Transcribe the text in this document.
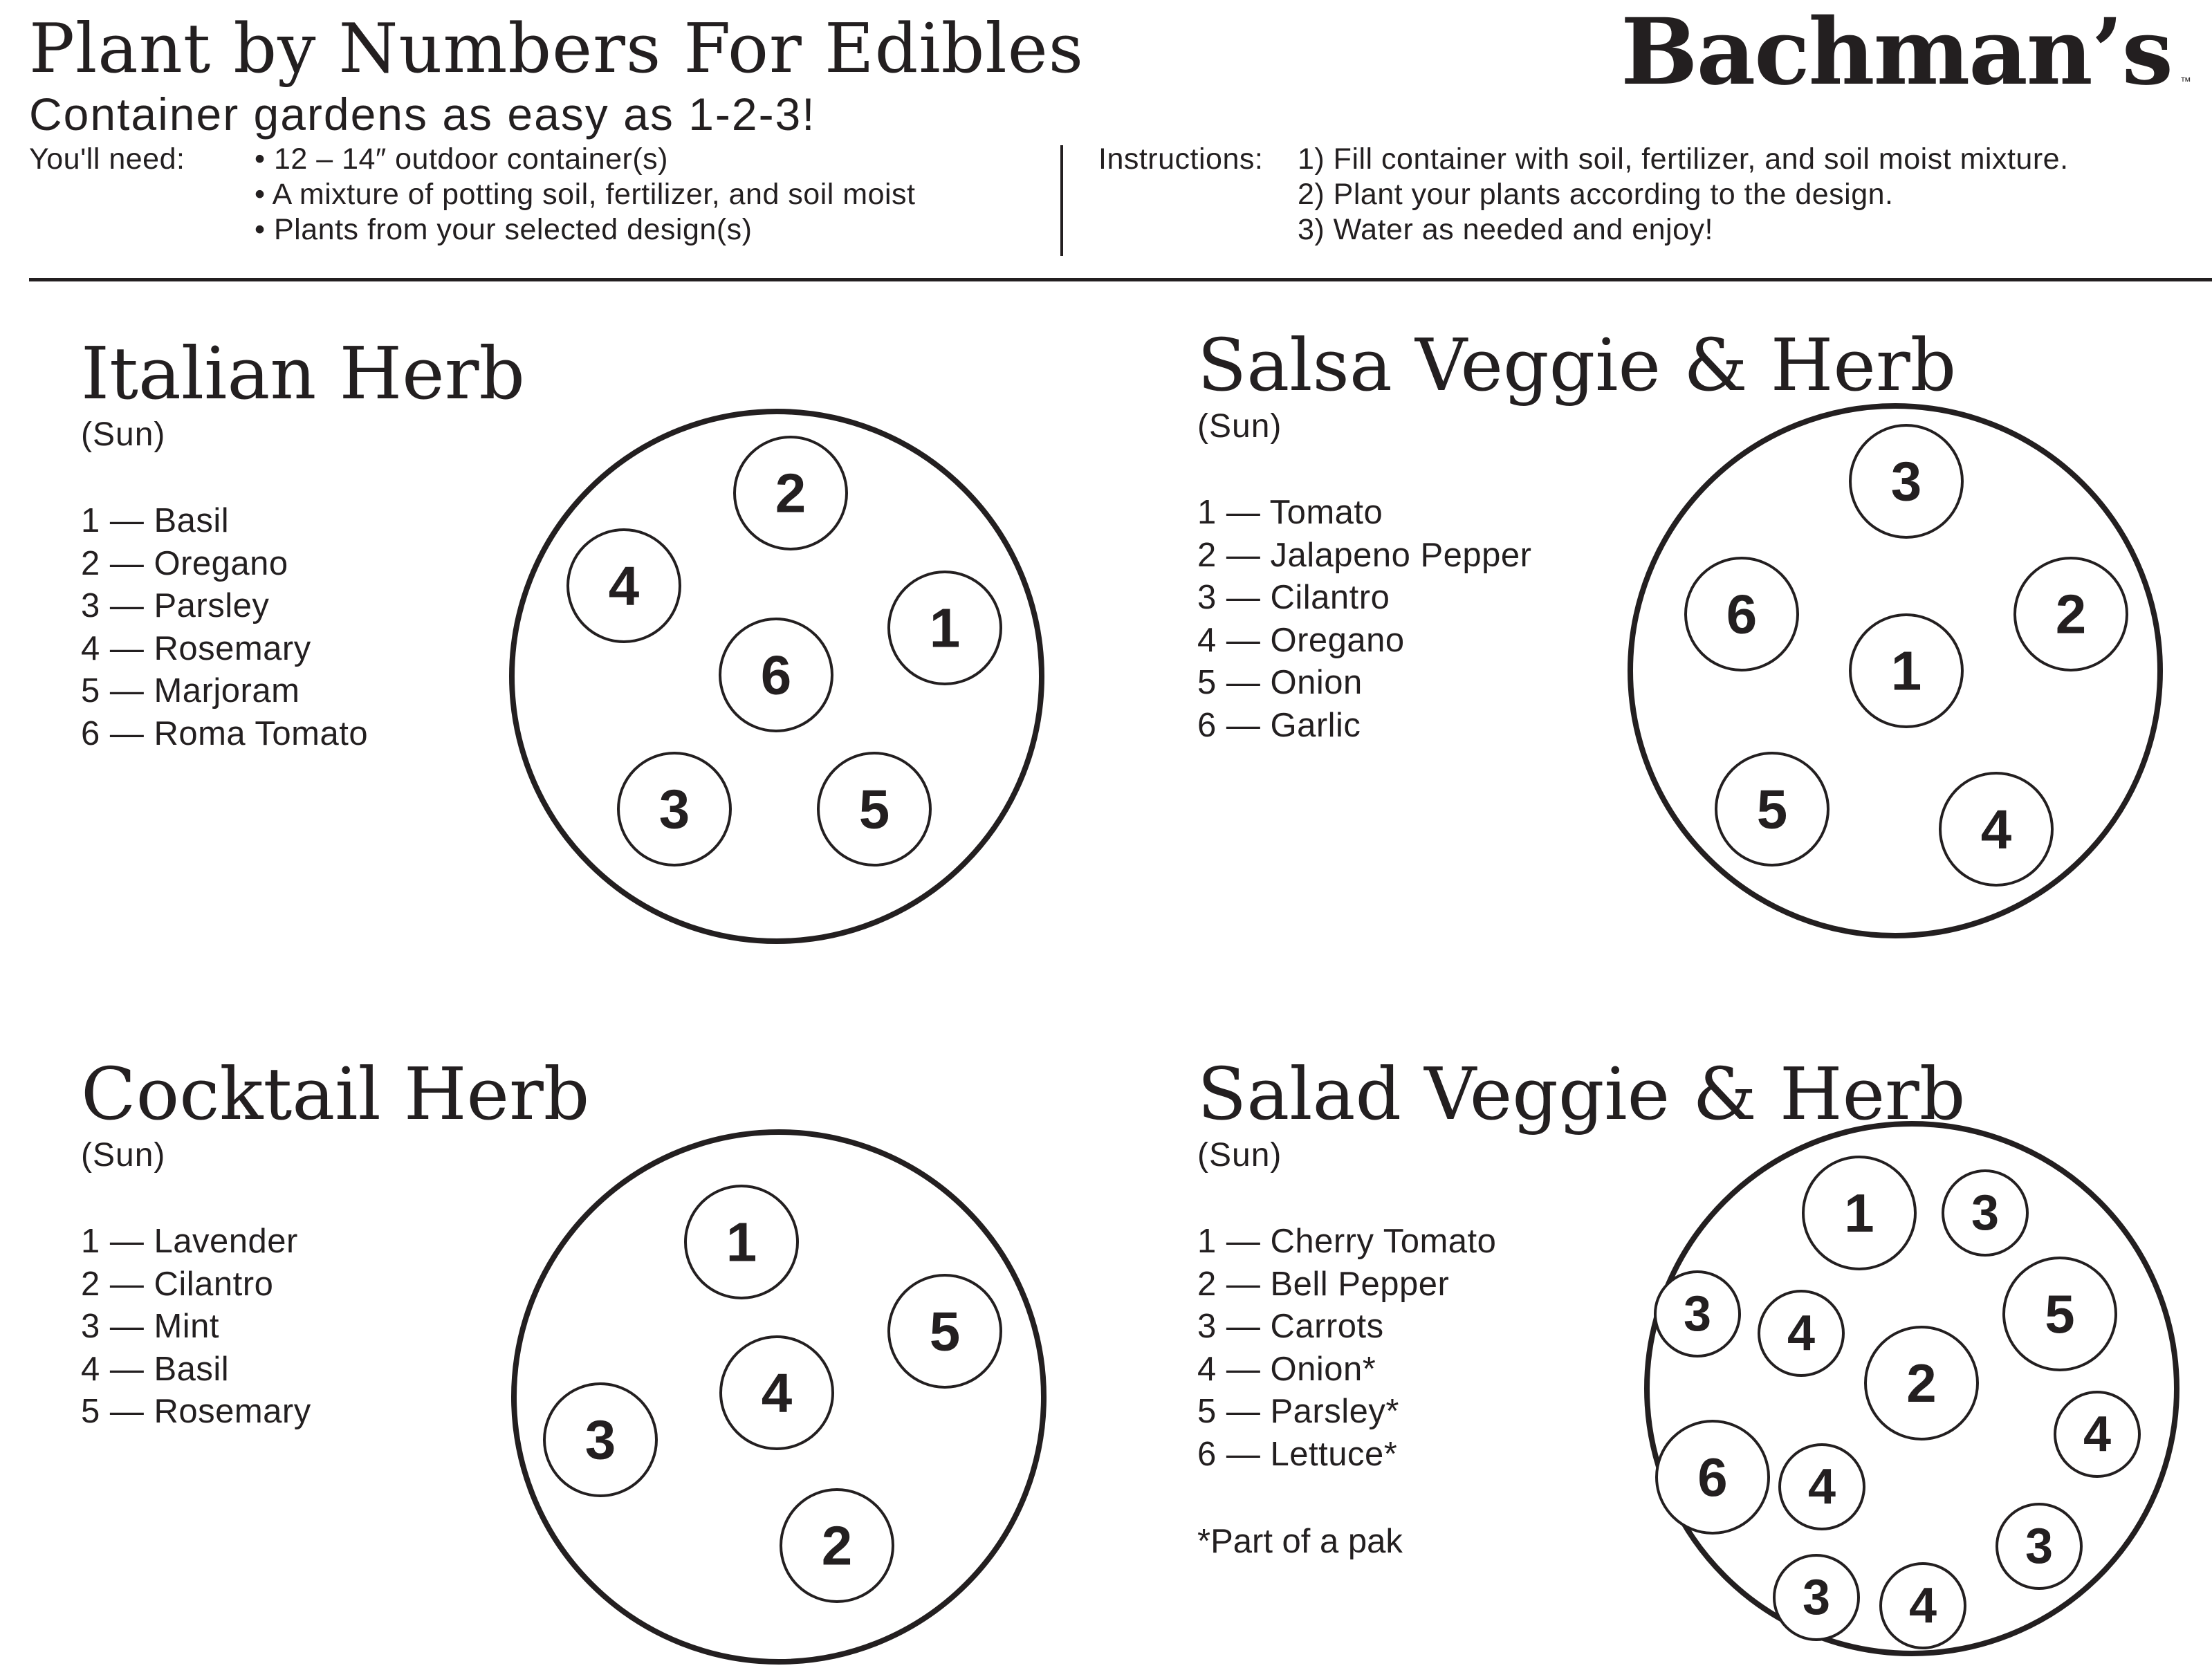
Plant by Numbers For Edibles
Container gardens as easy as 1-2-3!
Bachman’s ™
You'll need: • 12 – 14″ outdoor container(s)
• A mixture of potting soil, fertilizer, and soil moist
• Plants from your selected design(s)
Instructions: 1) Fill container with soil, fertilizer, and soil moist mixture.
2) Plant your plants according to the design.
3) Water as needed and enjoy!
Italian Herb
(Sun)
1 — Basil
2 — Oregano
3 — Parsley
4 — Rosemary
5 — Marjoram
6 — Roma Tomato
Salsa Veggie & Herb
(Sun)
1 — Tomato
2 — Jalapeno Pepper
3 — Cilantro
4 — Oregano
5 — Onion
6 — Garlic
Cocktail Herb
(Sun)
1 — Lavender
2 — Cilantro
3 — Mint
4 — Basil
5 — Rosemary
Salad Veggie & Herb
(Sun)
1 — Cherry Tomato
2 — Bell Pepper
3 — Carrots
4 — Onion*
5 — Parsley*
6 — Lettuce*
*Part of a pak
2
4
1
6
3	5
3
6	2
1
5	4
1
5
4
3
2
1 3
3 4	5
2
4
6 4
3
3 4
